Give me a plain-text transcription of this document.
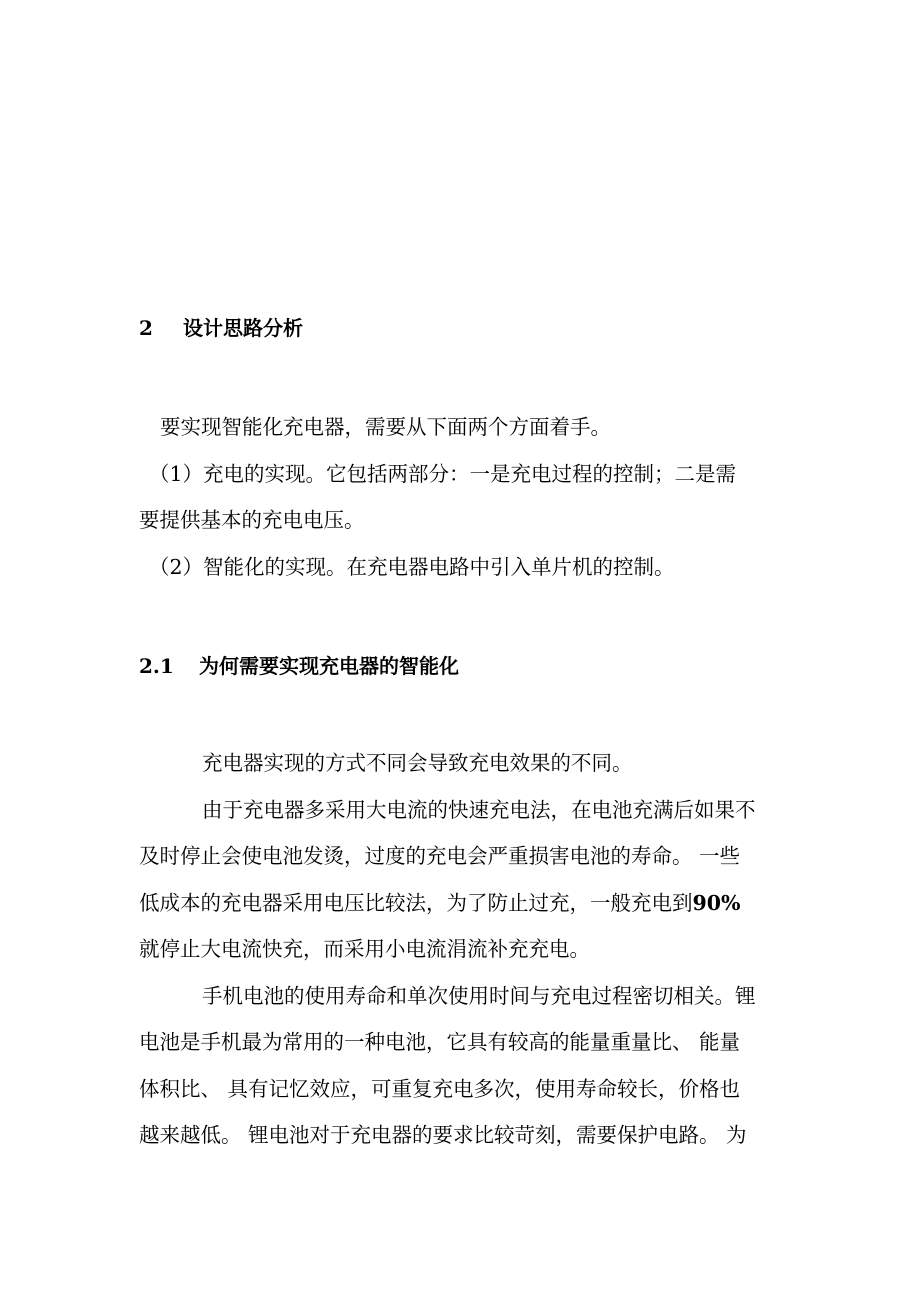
2 设计思路分析
要实现智能化充电器，需要从下面两个方面着手。
（1）充电的实现。它包括两部分：一是充电过程的控制；二是需
要提供基本的充电电压。
（2）智能化的实现。在充电器电路中引入单片机的控制。
2.1 为何需要实现充电器的智能化
充电器实现的方式不同会导致充电效果的不同。
由于充电器多采用大电流的快速充电法，在电池充满后如果不
及时停止会使电池发烫，过度的充电会严重损害电池的寿命。 一些
低成本的充电器采用电压比较法，为了防止过充，一般充电到90%
就停止大电流快充，而采用小电流涓流补充充电。
手机电池的使用寿命和单次使用时间与充电过程密切相关。锂
电池是手机最为常用的一种电池，它具有较高的能量重量比、 能量
体积比、 具有记忆效应，可重复充电多次，使用寿命较长，价格也
越来越低。 锂电池对于充电器的要求比较苛刻，需要保护电路。 为
